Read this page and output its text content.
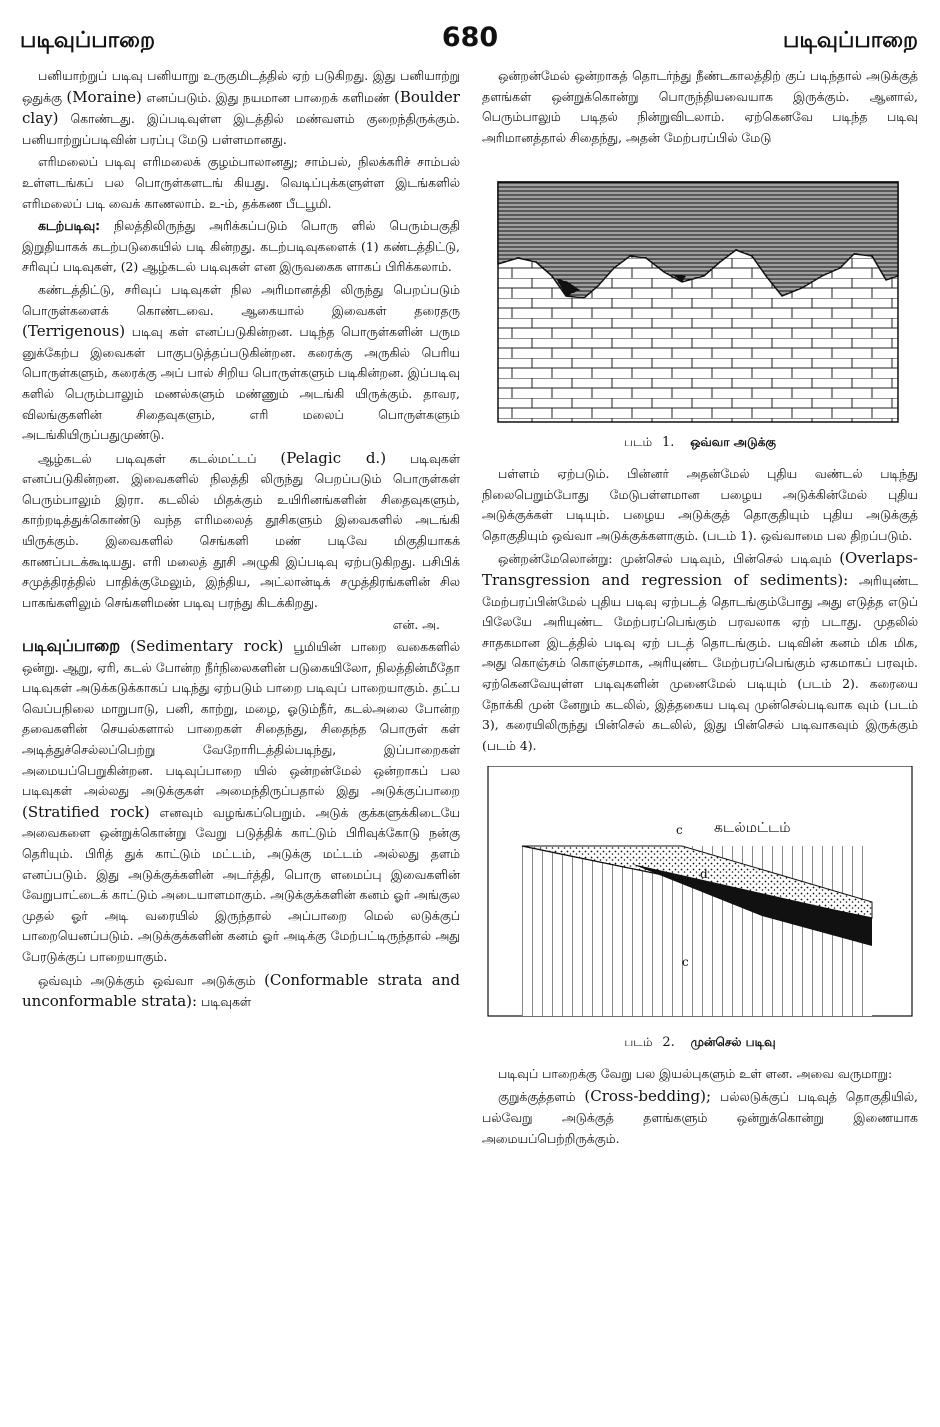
படிவுப்பாறை	680	படிவுப்பாறை

பனியாற்றுப் படிவு பனியாறு உருகுமிடத்தில் ஏற் படுகிறது. இது பனியாற்று ஒதுக்கு (Moraine) எனப்படும். இது நயமான பாறைக் களிமண் (Boulder clay) கொண்டது. இப்படிவுள்ள இடத்தில் மண்வளம் குறைந்திருக்கும். பனியாற்றுப்படிவின் பரப்பு மேடு பள்ளமானது.

எரிமலைப் படிவு எரிமலைக் குழம்பாலானது; சாம்பல், நிலக்கரிச் சாம்பல் உள்ளடங்கப் பல பொருள்களடங் கியது. வெடிப்புக்களுள்ள இடங்களில் எரிமலைப் படி வைக் காணலாம். உ-ம், தக்கண பீடபூமி.

கடற்படிவு: நிலத்திலிருந்து அரிக்கப்படும் பொரு ளில் பெரும்பகுதி இறுதியாகக் கடற்படுகையில் படி கின்றது. கடற்படிவுகளைக் (1) கண்டத்திட்டு, சரிவுப் படிவுகள், (2) ஆழ்கடல் படிவுகள் என இருவகைக ளாகப் பிரிக்கலாம்.

கண்டத்திட்டு, சரிவுப் படிவுகள் நில அரிமானத்தி லிருந்து பெறப்படும் பொருள்களைக் கொண்டவை. ஆகையால் இவைகள் தரைதரு (Terrigenous) படிவு கள் எனப்படுகின்றன. படிந்த பொருள்களின் பரும னுக்கேற்ப இவைகள் பாகுபடுத்தப்படுகின்றன. கரைக்கு அருகில் பெரிய பொருள்களும், கரைக்கு அப் பால் சிறிய பொருள்களும் படிகின்றன. இப்படிவு களில் பெரும்பாலும் மணல்களும் மண்ணும் அடங்கி யிருக்கும். தாவர, விலங்குகளின் சிதைவுகளும், எரி மலைப் பொருள்களும் அடங்கியிருப்பதுமுண்டு.

ஆழ்கடல் படிவுகள் கடல்மட்டப் (Pelagic d.) படிவுகள் எனப்படுகின்றன. இவைகளில் நிலத்தி லிருந்து பெறப்படும் பொருள்கள் பெரும்பாலும் இரா. கடலில் மிதக்கும் உயிரினங்களின் சிதைவுகளும், காற்றடித்துக்கொண்டு வந்த எரிமலைத் தூசிகளும் இவைகளில் அடங்கி யிருக்கும். இவைகளில் செங்களி மண் படிவே மிகுதியாகக் காணப்படக்கூடியது. எரி மலைத் தூசி அழுகி இப்படிவு ஏற்படுகிறது. பசிபிக் சமுத்திரத்தில் பாதிக்குமேலும், இந்திய, அட்லான்டிக் சமுத்திரங்களின் சில பாகங்களிலும் செங்களிமண் படிவு பரந்து கிடக்கிறது.

என். அ.

படிவுப்பாறை (Sedimentary rock) பூமியின் பாறை வகைகளில் ஒன்று. ஆறு, ஏரி, கடல் போன்ற நீர்நிலைகளின் படுகையிலோ, நிலத்தின்மீதோ படிவுகள் அடுக்கடுக்காகப் படிந்து ஏற்படும் பாறை படிவுப் பாறையாகும். தட்ப வெப்பநிலை மாறுபாடு, பனி, காற்று, மழை, ஓடும்நீர், கடல்அலை போன்ற தவைகளின் செயல்களால் பாறைகள் சிதைந்து, சிதைந்த பொருள் கள் அடித்துச்செல்லப்பெற்று வேறோரிடத்தில்படிந்து, இப்பாறைகள் அமையப்பெறுகின்றன. படிவுப்பாறை யில் ஒன்றன்மேல் ஒன்றாகப் பல படிவுகள் அல்லது அடுக்குகள் அமைந்திருப்பதால் இது அடுக்குப்பாறை (Stratified rock) எனவும் வழங்கப்பெறும். அடுக் குக்களுக்கிடையே அவைகளை ஒன்றுக்கொன்று வேறு படுத்திக் காட்டும் பிரிவுக்கோடு நன்கு தெரியும். பிரித் துக் காட்டும் மட்டம், அடுக்கு மட்டம் அல்லது தளம் எனப்படும். இது அடுக்குக்களின் அடர்த்தி, பொரு ளமைப்பு இவைகளின் வேறுபாட்டைக் காட்டும் அடையாளமாகும். அடுக்குக்களின் கனம் ஓர் அங்குல முதல் ஓர் அடி வரையில் இருந்தால் அப்பாறை மெல் லடுக்குப் பாறையெனப்படும். அடுக்குக்களின் கனம் ஓர் அடிக்கு மேற்பட்டிருந்தால் அது பேரடுக்குப் பாறையாகும்.

ஒவ்வும் அடுக்கும் ஒவ்வா அடுக்கும் (Conformable strata and unconformable strata): படிவுகள்

ஒன்றன்மேல் ஒன்றாகத் தொடர்ந்து நீண்டகாலத்திற் குப் படிந்தால் அடுக்குத் தளங்கள் ஒன்றுக்கொன்று பொருந்தியவையாக இருக்கும். ஆனால், பெரும்பாலும் படிதல் நின்றுவிடலாம். ஏற்கெனவே படிந்த படிவு அரிமானத்தால் சிதைந்து, அதன் மேற்பரப்பில் மேடு

படம் 1. ஒவ்வா அடுக்கு

பள்ளம் ஏற்படும். பின்னர் அதன்மேல் புதிய வண்டல் படிந்து நிலைபெறும்போது மேடுபள்ளமான பழைய அடுக்கின்மேல் புதிய அடுக்குக்கள் படியும். பழைய அடுக்குத் தொகுதியும் புதிய அடுக்குத் தொகுதியும் ஒவ்வா அடுக்குக்களாகும். (படம் 1). ஒவ்வாமை பல திறப்படும்.

ஒன்றன்மேலொன்று: முன்செல் படிவும், பின்செல் படிவும் (Overlaps-Transgression and regression of sediments): அரியுண்ட மேற்பரப்பின்மேல் புதிய படிவு ஏற்படத் தொடங்கும்போது அது எடுத்த எடுப் பிலேயே அரியுண்ட மேற்பரப்பெங்கும் பரவலாக ஏற் படாது. முதலில் சாதகமான இடத்தில் படிவு ஏற் படத் தொடங்கும். படிவின் கனம் மிக மிக, அது கொஞ்சம் கொஞ்சமாக, அரியுண்ட மேற்பரப்பெங்கும் ஏகமாகப் பரவும். ஏற்கெனவேயுள்ள படிவுகளின் முனைமேல் படியும் (படம் 2). கரையை நோக்கி முன் னேறும் கடலில், இத்தகைய படிவு முன்செல்படிவாக வும் (படம் 3), கரையிலிருந்து பின்செல் கடலில், இது பின்செல் படிவாகவும் இருக்கும் (படம் 4).

கடல்மட்டம்
c
d
c
படம் 2. முன்செல் படிவு

படிவுப் பாறைக்கு வேறு பல இயல்புகளும் உள் ளன. அவை வருமாறு:

குறுக்குத்தளம் (Cross-bedding); பல்லடுக்குப் படிவுத் தொகுதியில், பல்வேறு அடுக்குத் தளங்களும் ஒன்றுக்கொன்று இணையாக அமையப்பெற்றிருக்கும்.
